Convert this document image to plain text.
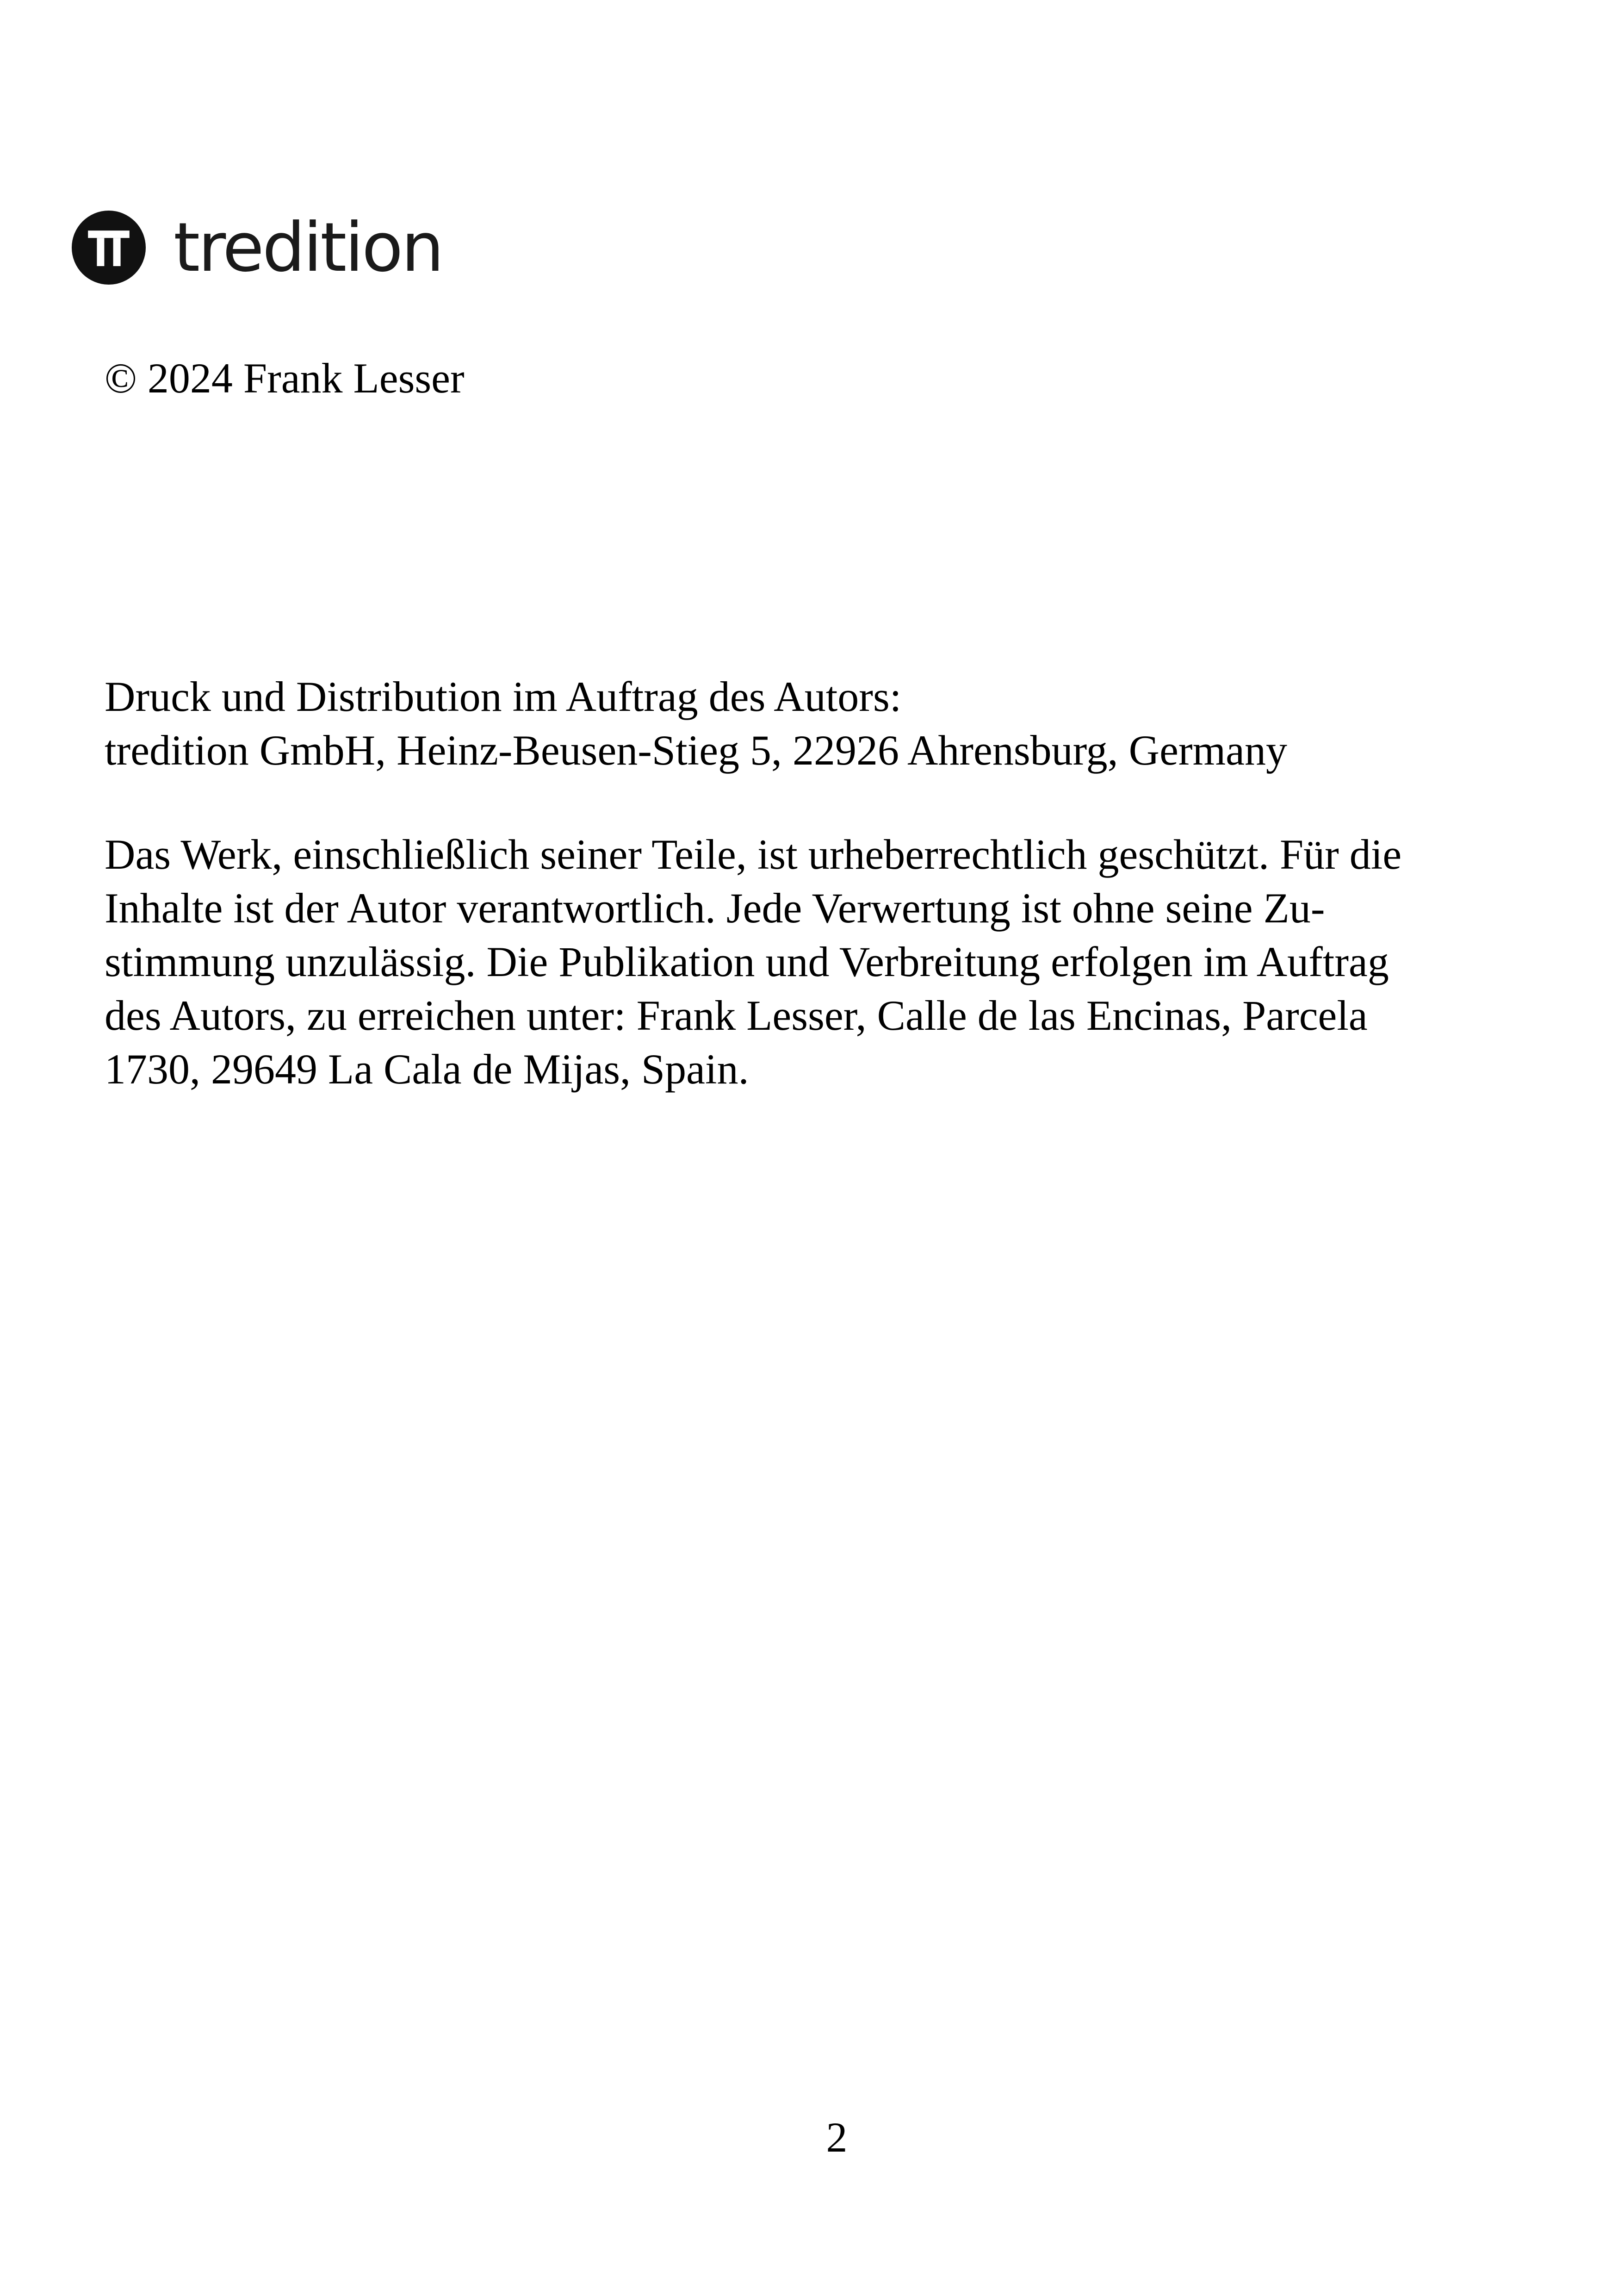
tredition
© 2024 Frank Lesser
Druck und Distribution im Auftrag des Autors:
tredition GmbH, Heinz-Beusen-Stieg 5, 22926 Ahrensburg, Germany
Das Werk, einschließlich seiner Teile, ist urheberrechtlich geschützt. Für die
Inhalte ist der Autor verantwortlich. Jede Verwertung ist ohne seine Zu-
stimmung unzulässig. Die Publikation und Verbreitung erfolgen im Auftrag
des Autors, zu erreichen unter: Frank Lesser, Calle de las Encinas, Parcela
1730, 29649 La Cala de Mijas, Spain.
2
